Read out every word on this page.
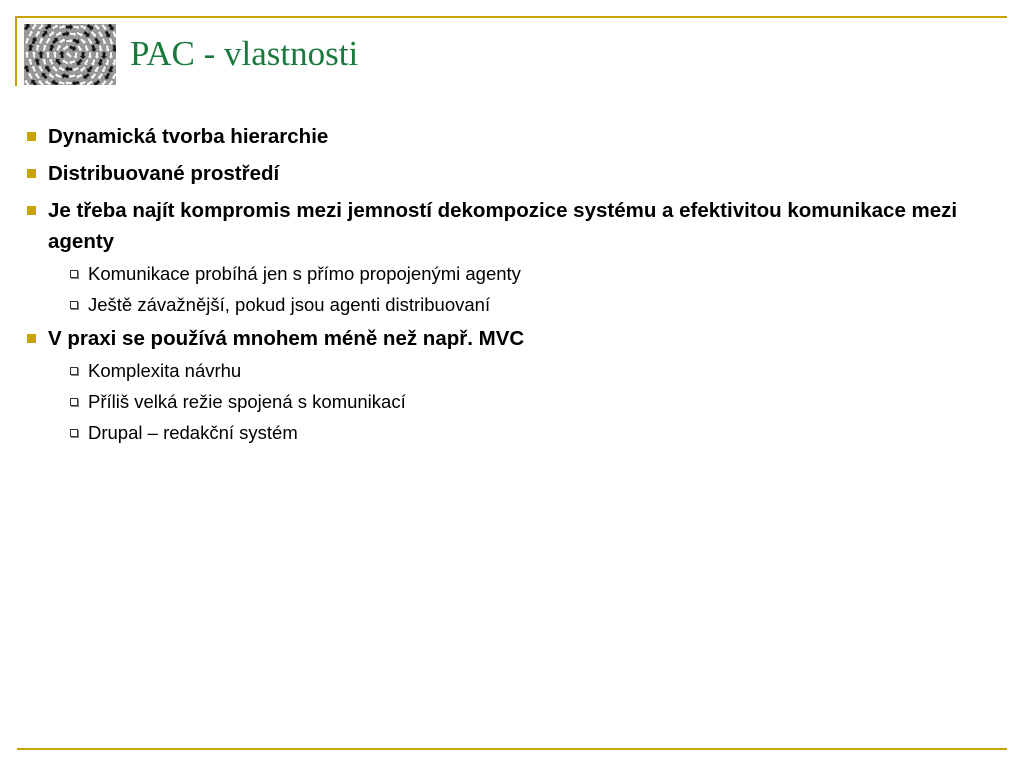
PAC - vlastnosti
Dynamická tvorba hierarchie
Distribuované prostředí
Je třeba najít kompromis mezi jemností dekompozice systému a efektivitou komunikace mezi agenty
Komunikace probíhá jen s přímo propojenými agenty
Ještě závažnější, pokud jsou agenti distribuovaní
V praxi se používá mnohem méně než např. MVC
Komplexita návrhu
Příliš velká režie spojená s komunikací
Drupal – redakční systém
